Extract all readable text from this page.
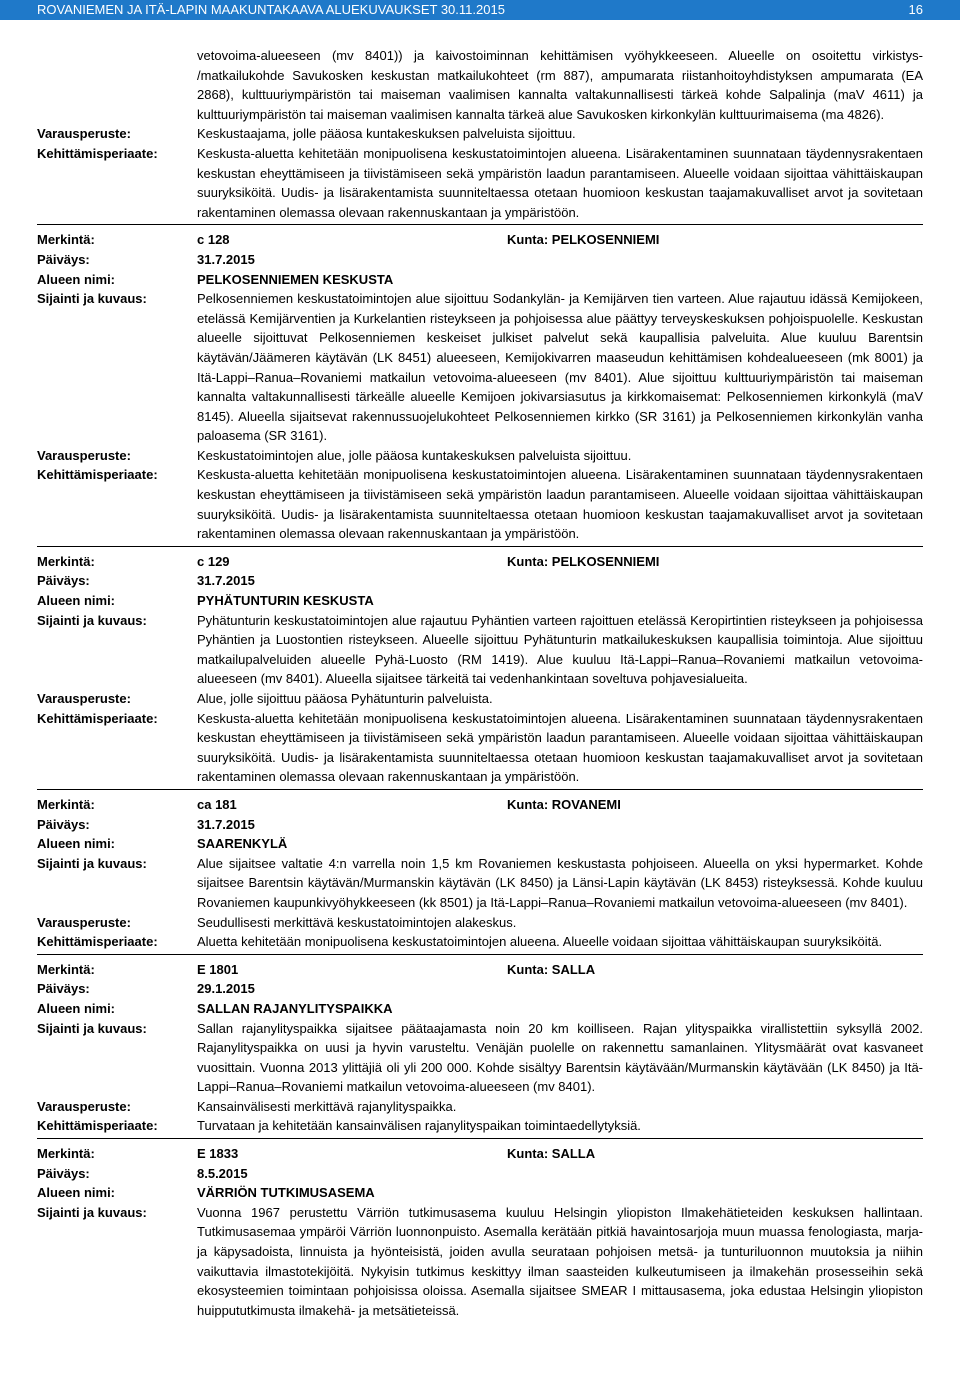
ROVANIEMEN JA ITÄ-LAPIN MAAKUNTAKAAVA ALUEKUVAUKSET 30.11.2015	16
vetovoima-alueeseen (mv 8401)) ja kaivostoiminnan kehittämisen vyöhykkeeseen. Alueelle on osoitettu virkistys- /matkailukohde Savukosken keskustan matkailukohteet (rm 887), ampumarata riistanhoitoyhdistyksen ampumarata (EA 2868), kulttuuriympäristön tai maiseman vaalimisen kannalta valtakunnallisesti tärkeä kohde Salpalinja (maV 4611) ja kulttuuriympäristön tai maiseman vaalimisen kannalta tärkeä alue Savukosken kirkonkylän kulttuurimaisema (ma 4826).
Varausperuste:	Keskustaajama, jolle pääosa kuntakeskuksen palveluista sijoittuu.
Kehittämisperiaate:	Keskusta-aluetta kehitetään monipuolisena keskustatoimintojen alueena. Lisärakentaminen suunnataan täydennysrakentaen keskustan eheyttämiseen ja tiivistämiseen sekä ympäristön laadun parantamiseen. Alueelle voidaan sijoittaa vähittäiskaupan suuryksiköitä. Uudis- ja lisärakentamista suunniteltaessa otetaan huomioon keskustan taajamakuvalliset arvot ja sovitetaan rakentaminen olemassa olevaan rakennuskantaan ja ympäristöön.
Merkintä:	c 128	Kunta: PELKOSENNIEMI
Päiväys:	31.7.2015
Alueen nimi:	PELKOSENNIEMEN KESKUSTA
Sijainti ja kuvaus:	Pelkosenniemen keskustatoimintojen alue sijoittuu Sodankylän- ja Kemijärven tien varteen. Alue rajautuu idässä Kemijokeen, etelässä Kemijärventien ja Kurkelantien risteykseen ja pohjoisessa alue päättyy terveyskeskuksen pohjoispuolelle. Keskustan alueelle sijoittuvat Pelkosenniemen keskeiset julkiset palvelut sekä kaupallisia palveluita. Alue kuuluu Barentsin käytävän/Jäämeren käytävän (LK 8451) alueeseen, Kemijokivarren maaseudun kehittämisen kohdealueeseen (mk 8001) ja Itä-Lappi–Ranua–Rovaniemi matkailun vetovoima-alueeseen (mv 8401). Alue sijoittuu kulttuuriympäristön tai maiseman kannalta valtakunnallisesti tärkeälle alueelle Kemijoen jokivarsiasutus ja kirkkomaisemat: Pelkosenniemen kirkonkylä (maV 8145). Alueella sijaitsevat rakennussuojelukohteet Pelkosenniemen kirkko (SR 3161) ja Pelkosenniemen kirkonkylän vanha paloasema (SR 3161).
Varausperuste:	Keskustatoimintojen alue, jolle pääosa kuntakeskuksen palveluista sijoittuu.
Kehittämisperiaate:	Keskusta-aluetta kehitetään monipuolisena keskustatoimintojen alueena. Lisärakentaminen suunnataan täydennysrakentaen keskustan eheyttämiseen ja tiivistämiseen sekä ympäristön laadun parantamiseen. Alueelle voidaan sijoittaa vähittäiskaupan suuryksiköitä. Uudis- ja lisärakentamista suunniteltaessa otetaan huomioon keskustan taajamakuvalliset arvot ja sovitetaan rakentaminen olemassa olevaan rakennuskantaan ja ympäristöön.
Merkintä:	c 129	Kunta: PELKOSENNIEMI
Päiväys:	31.7.2015
Alueen nimi:	PYHÄTUNTURIN KESKUSTA
Sijainti ja kuvaus:	Pyhätunturin keskustatoimintojen alue rajautuu Pyhäntien varteen rajoittuen etelässä Keropirtintien risteykseen ja pohjoisessa Pyhäntien ja Luostontien risteykseen. Alueelle sijoittuu Pyhätunturin matkailukeskuksen kaupallisia toimintoja. Alue sijoittuu matkailupalveluiden alueelle Pyhä-Luosto (RM 1419). Alue kuuluu Itä-Lappi–Ranua–Rovaniemi matkailun vetovoima-alueeseen (mv 8401). Alueella sijaitsee tärkeitä tai vedenhankintaan soveltuva pohjavesialueita.
Varausperuste:	Alue, jolle sijoittuu pääosa Pyhätunturin palveluista.
Kehittämisperiaate:	Keskusta-aluetta kehitetään monipuolisena keskustatoimintojen alueena. Lisärakentaminen suunnataan täydennysrakentaen keskustan eheyttämiseen ja tiivistämiseen sekä ympäristön laadun parantamiseen. Alueelle voidaan sijoittaa vähittäiskaupan suuryksiköitä. Uudis- ja lisärakentamista suunniteltaessa otetaan huomioon keskustan taajamakuvalliset arvot ja sovitetaan rakentaminen olemassa olevaan rakennuskantaan ja ympäristöön.
Merkintä:	ca 181	Kunta: ROVANEMI
Päiväys:	31.7.2015
Alueen nimi:	SAARENKYLÄ
Sijainti ja kuvaus:	Alue sijaitsee valtatie 4:n varrella noin 1,5 km Rovaniemen keskustasta pohjoiseen. Alueella on yksi hypermarket. Kohde sijaitsee Barentsin käytävän/Murmanskin käytävän (LK 8450) ja Länsi-Lapin käytävän (LK 8453) risteyksessä. Kohde kuuluu Rovaniemen kaupunkivyöhykkeeseen (kk 8501) ja Itä-Lappi–Ranua–Rovaniemi matkailun vetovoima-alueeseen (mv 8401).
Varausperuste:	Seudullisesti merkittävä keskustatoimintojen alakeskus.
Kehittämisperiaate:	Aluetta kehitetään monipuolisena keskustatoimintojen alueena. Alueelle voidaan sijoittaa vähittäiskaupan suuryksiköitä.
Merkintä:	E 1801	Kunta: SALLA
Päiväys:	29.1.2015
Alueen nimi:	SALLAN RAJANYLITYSPAIKKA
Sijainti ja kuvaus:	Sallan rajanylityspaikka sijaitsee päätaajamasta noin 20 km koilliseen. Rajan ylityspaikka virallistettiin syksyllä 2002. Rajanylityspaikka on uusi ja hyvin varusteltu. Venäjän puolelle on rakennettu samanlainen. Ylitysmäärät ovat kasvaneet vuosittain. Vuonna 2013 ylittäjiä oli yli 200 000. Kohde sisältyy Barentsin käytävään/Murmanskin käytävään (LK 8450) ja Itä-Lappi–Ranua–Rovaniemi matkailun vetovoima-alueeseen (mv 8401).
Varausperuste:	Kansainvälisesti merkittävä rajanylityspaikka.
Kehittämisperiaate:	Turvataan ja kehitetään kansainvälisen rajanylityspaikan toimintaedellytyksiä.
Merkintä:	E 1833	Kunta: SALLA
Päiväys:	8.5.2015
Alueen nimi:	VÄRRIÖN TUTKIMUSASEMA
Sijainti ja kuvaus:	Vuonna 1967 perustettu Värriön tutkimusasema kuuluu Helsingin yliopiston Ilmakehätieteiden keskuksen hallintaan. Tutkimusasemaa ympäröi Värriön luonnonpuisto. Asemalla kerätään pitkiä havaintosarjoja muun muassa fenologiasta, marja- ja käpysadoista, linnuista ja hyönteisistä, joiden avulla seurataan pohjoisen metsä- ja tunturiluonnon muutoksia ja niihin vaikuttavia ilmastotekijöitä. Nykyisin tutkimus keskittyy ilman saasteiden kulkeutumiseen ja ilmakehän prosesseihin sekä ekosysteemien toimintaan pohjoisissa oloissa. Asemalla sijaitsee SMEAR I mittausasema, joka edustaa Helsingin yliopiston huippututkimusta ilmakehä- ja metsätieteissä.
